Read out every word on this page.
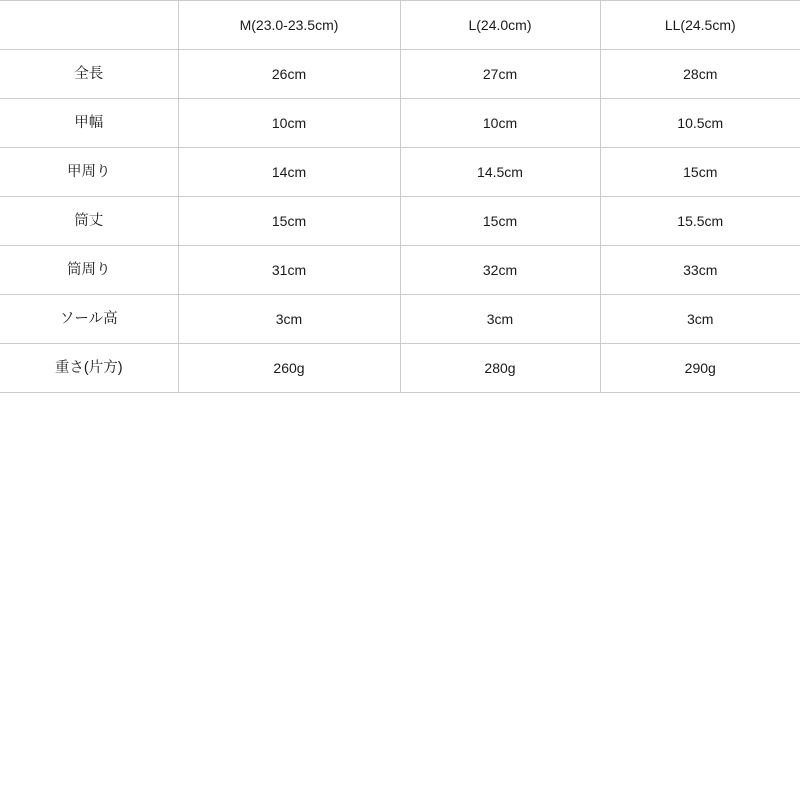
	M(23.0-23.5cm)	L(24.0cm)	LL(24.5cm)
全長	26cm	27cm	28cm
甲幅	10cm	10cm	10.5cm
甲周り	14cm	14.5cm	15cm
筒丈	15cm	15cm	15.5cm
筒周り	31cm	32cm	33cm
ソール高	3cm	3cm	3cm
重さ(片方)	260g	280g	290g
